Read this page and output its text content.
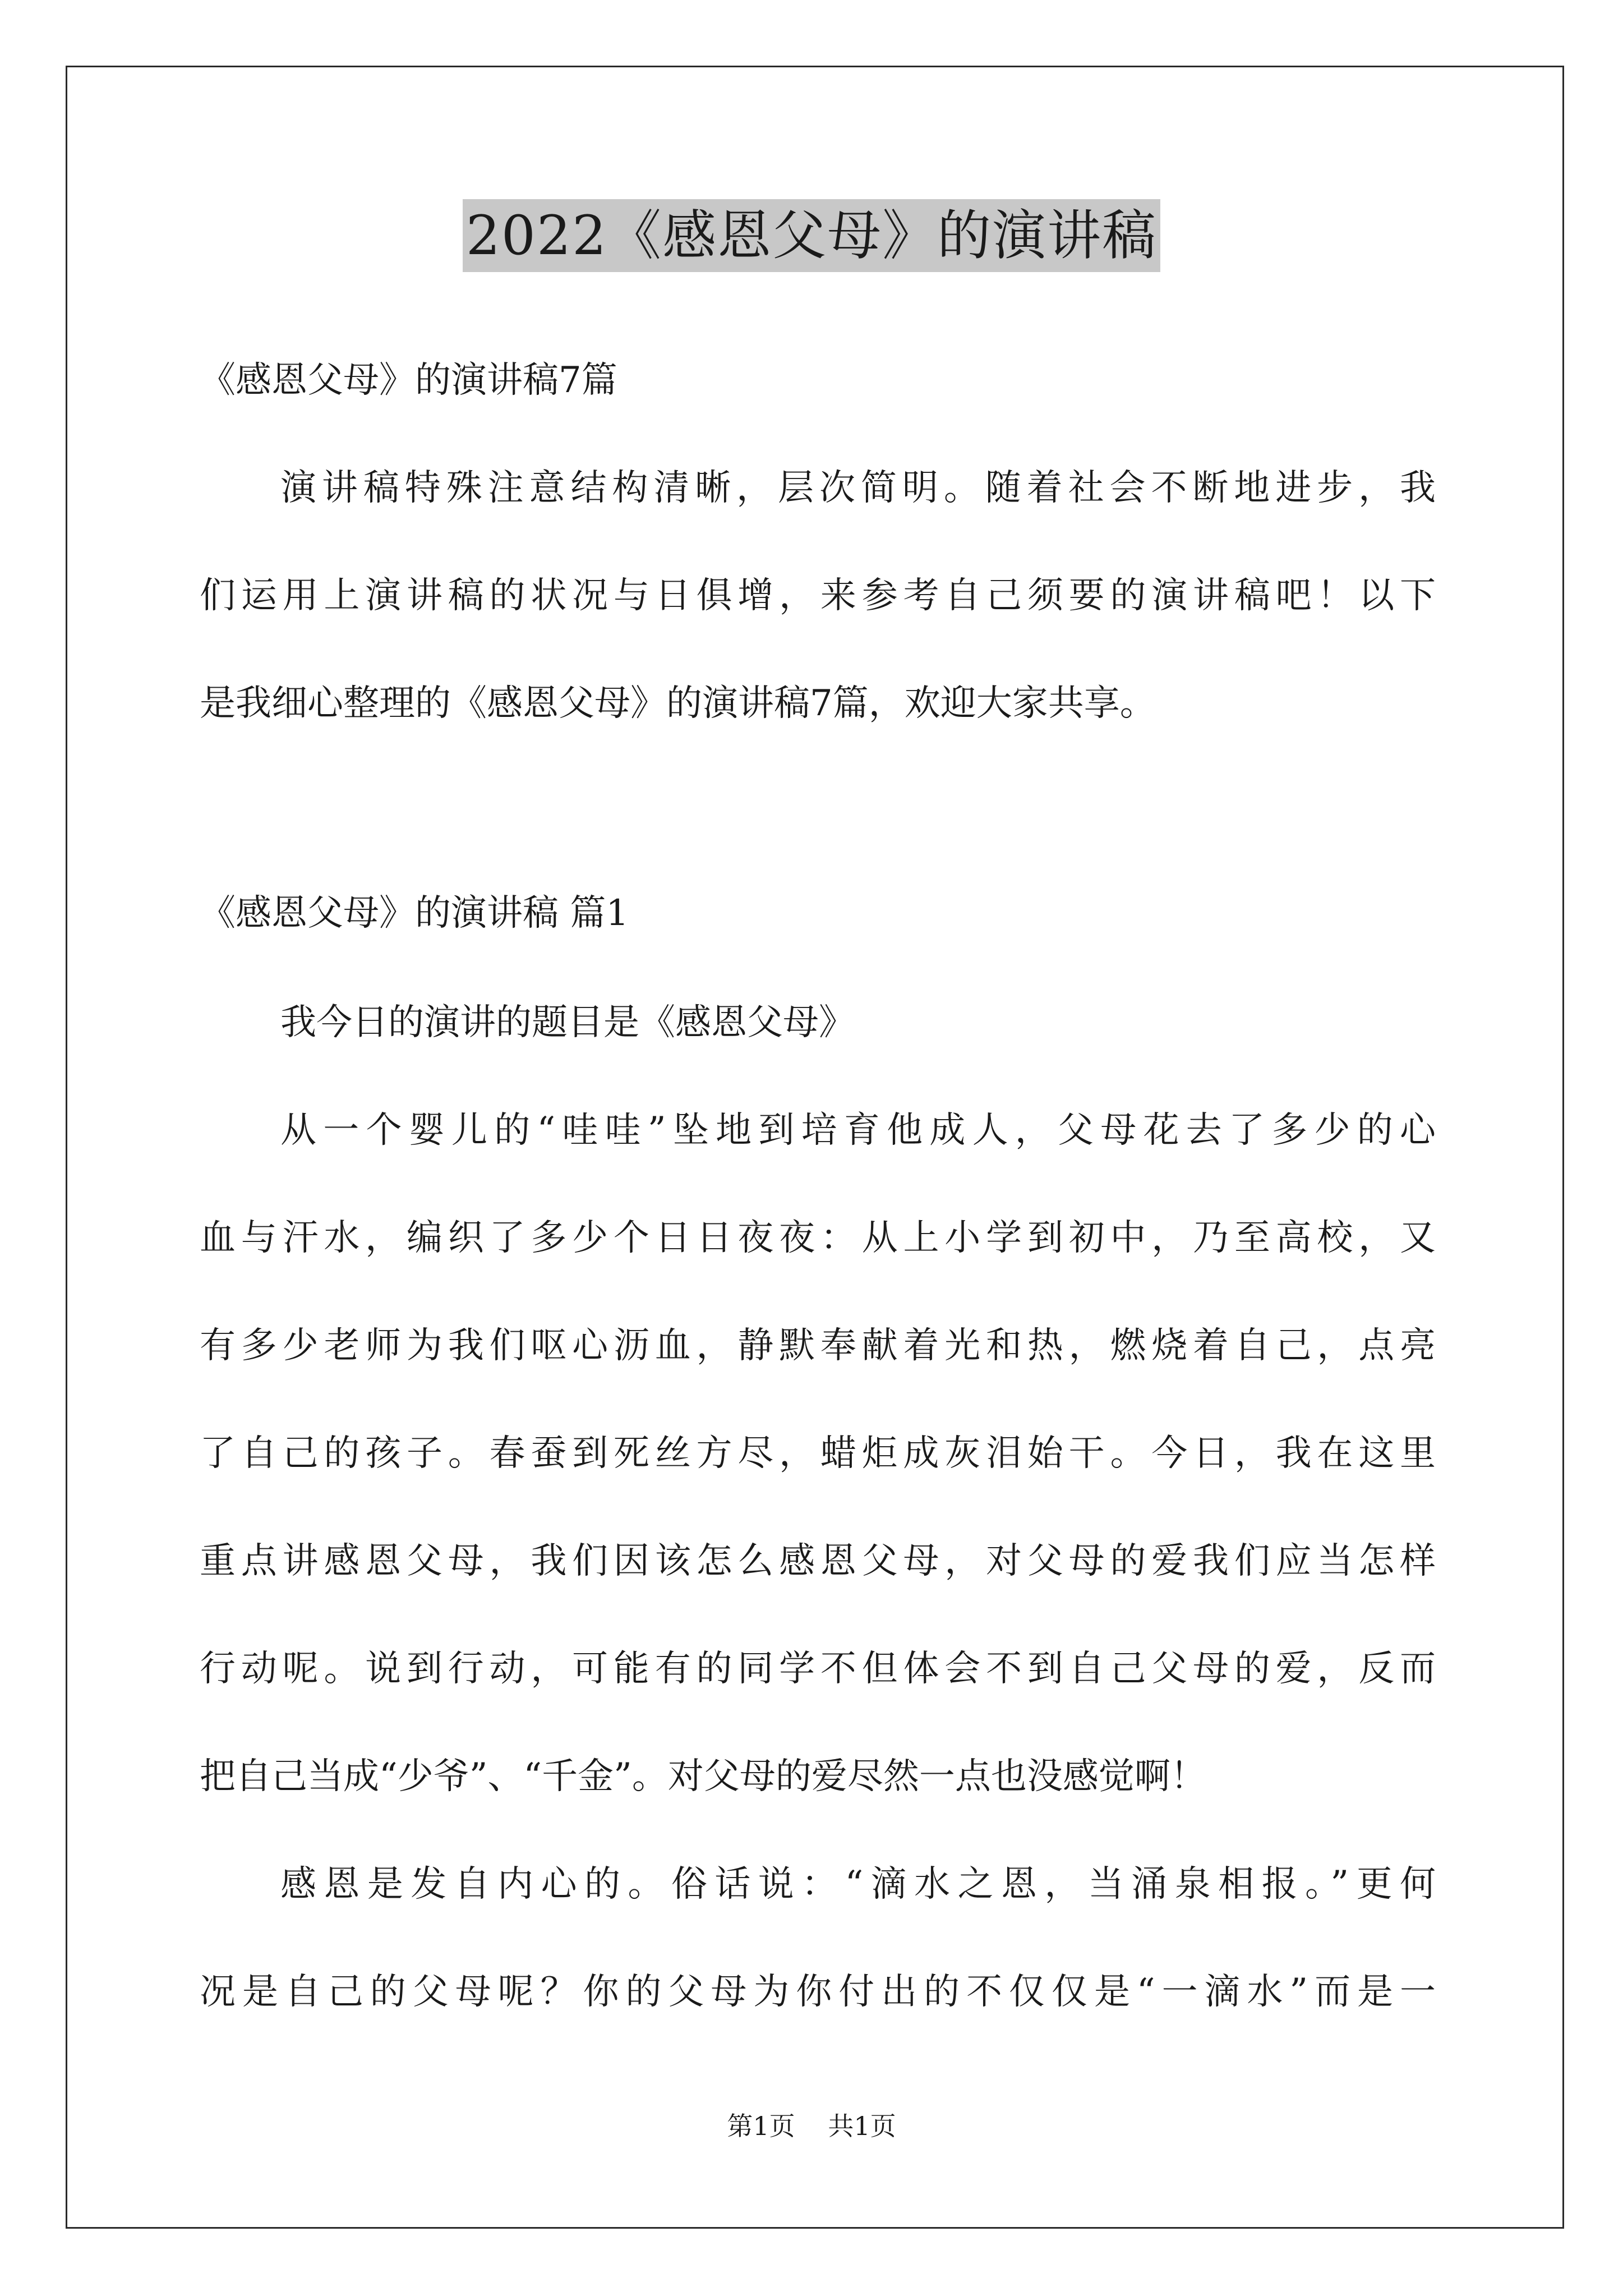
2022《感恩父母》的演讲稿
《感恩父母》的演讲稿7篇
演讲稿特殊注意结构清晰，层次简明。随着社会不断地进步，我
们运用上演讲稿的状况与日俱增，来参考自己须要的演讲稿吧！以下
是我细心整理的《感恩父母》的演讲稿7篇，欢迎大家共享。
《感恩父母》的演讲稿 篇1
我今日的演讲的题目是《感恩父母》
从一个婴儿的“哇哇”坠地到培育他成人，父母花去了多少的心
血与汗水，编织了多少个日日夜夜：从上小学到初中，乃至高校，又
有多少老师为我们呕心沥血，静默奉献着光和热，燃烧着自己，点亮
了自己的孩子。春蚕到死丝方尽，蜡炬成灰泪始干。今日，我在这里
重点讲感恩父母，我们因该怎么感恩父母，对父母的爱我们应当怎样
行动呢。说到行动，可能有的同学不但体会不到自己父母的爱，反而
把自己当成“少爷”、“千金”。对父母的爱尽然一点也没感觉啊！
感恩是发自内心的。俗话说：“滴水之恩，当涌泉相报。”更何
况是自己的父母呢？你的父母为你付出的不仅仅是“一滴水”而是一
第1页 共1页
